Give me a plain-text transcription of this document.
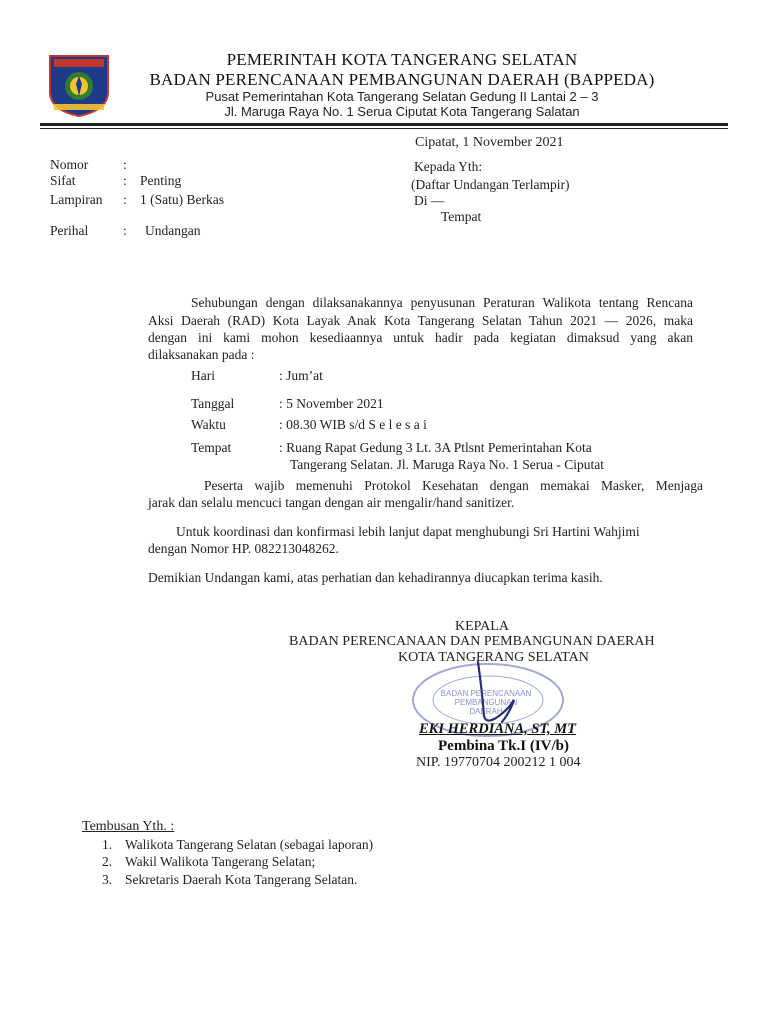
PEMERINTAH KOTA TANGERANG SELATAN
BADAN PERENCANAAN PEMBANGUNAN DAERAH (BAPPEDA)
Pusat Pemerintahan Kota Tangerang Selatan Gedung II Lantai 2 – 3
Jl. Maruga Raya No. 1 Serua Ciputat Kota Tangerang Salatan
Cipatat, 1 November 2021
Nomor	:
Sifat	: Penting
Lampiran : 1 (Satu) Berkas
Perihal	: Undangan
Kepada Yth:
(Daftar Undangan Terlampir)
Di —
Tempat
Sehubungan dengan dilaksanakannya penyusunan Peraturan Walikota tentang Rencana
Aksi Daerah (RAD) Kota Layak Anak Kota Tangerang Selatan Tahun 2021 — 2026, maka
dengan ini kami mohon kesediaannya untuk hadir pada kegiatan dimaksud yang akan
dilaksanakan pada :
Hari	: Jum’at
Tanggal	: 5 November 2021
Waktu	: 08.30 WIB s/d S e l e s a i
Tempat	: Ruang Rapat Gedung 3 Lt. 3A Ptlsnt Pemerintahan Kota
Tangerang Selatan. Jl. Maruga Raya No. 1 Serua - Ciputat
Peserta wajib memenuhi Protokol Kesehatan dengan memakai Masker, Menjaga
jarak dan selalu mencuci tangan dengan air mengalir/hand sanitizer.
Untuk koordinasi dan konfirmasi lebih lanjut dapat menghubungi Sri Hartini Wahjimi
dengan Nomor HP. 082213048262.
Demikian Undangan kami, atas perhatian dan kehadirannya diucapkan terima kasih.
KEPALA
BADAN PERENCANAAN DAN PEMBANGUNAN DAERAH
KOTA TANGERANG SELATAN
BADAN PERENCANAAN PEMBANGUNAN DAERAH
EKI HERDIANA, ST, MT
Pembina Tk.I (IV/b)
NIP. 19770704 200212 1 004
Tembusan Yth. :
1. Walikota Tangerang Selatan (sebagai laporan)
2. Wakil Walikota Tangerang Selatan;
3. Sekretaris Daerah Kota Tangerang Selatan.
